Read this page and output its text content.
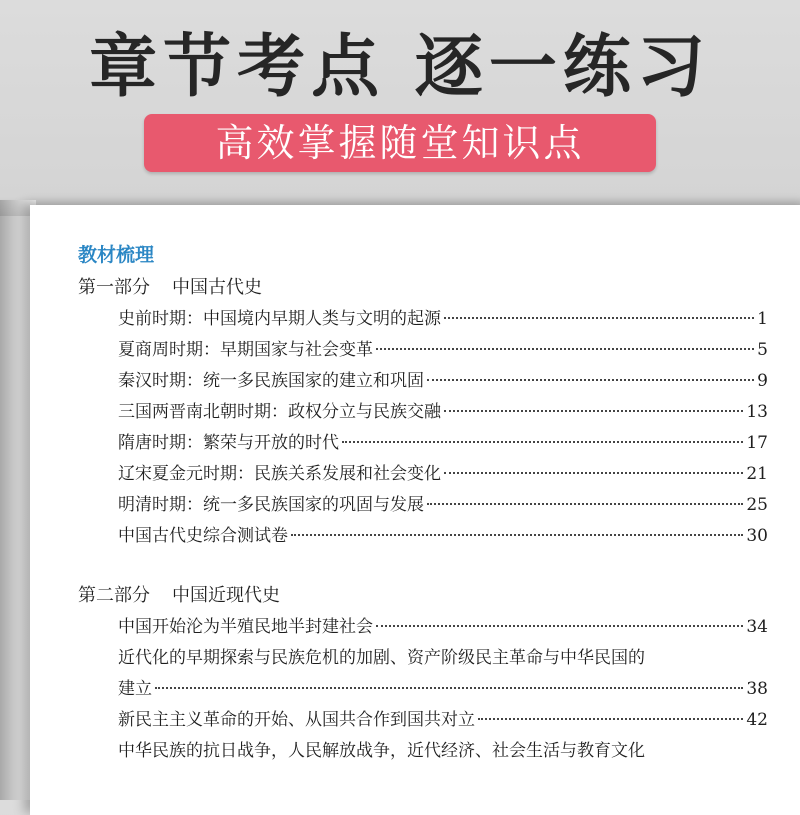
章节考点 逐一练习
高效掌握随堂知识点
教材梳理
第一部分 中国古代史
史前时期：中国境内早期人类与文明的起源	1
夏商周时期：早期国家与社会变革	5
秦汉时期：统一多民族国家的建立和巩固	9
三国两晋南北朝时期：政权分立与民族交融	13
隋唐时期：繁荣与开放的时代	17
辽宋夏金元时期：民族关系发展和社会变化	21
明清时期：统一多民族国家的巩固与发展	25
中国古代史综合测试卷	30
第二部分 中国近现代史
中国开始沦为半殖民地半封建社会	34
近代化的早期探索与民族危机的加剧、资产阶级民主革命与中华民国的
建立	38
新民主主义革命的开始、从国共合作到国共对立	42
中华民族的抗日战争，人民解放战争，近代经济、社会生活与教育文化
